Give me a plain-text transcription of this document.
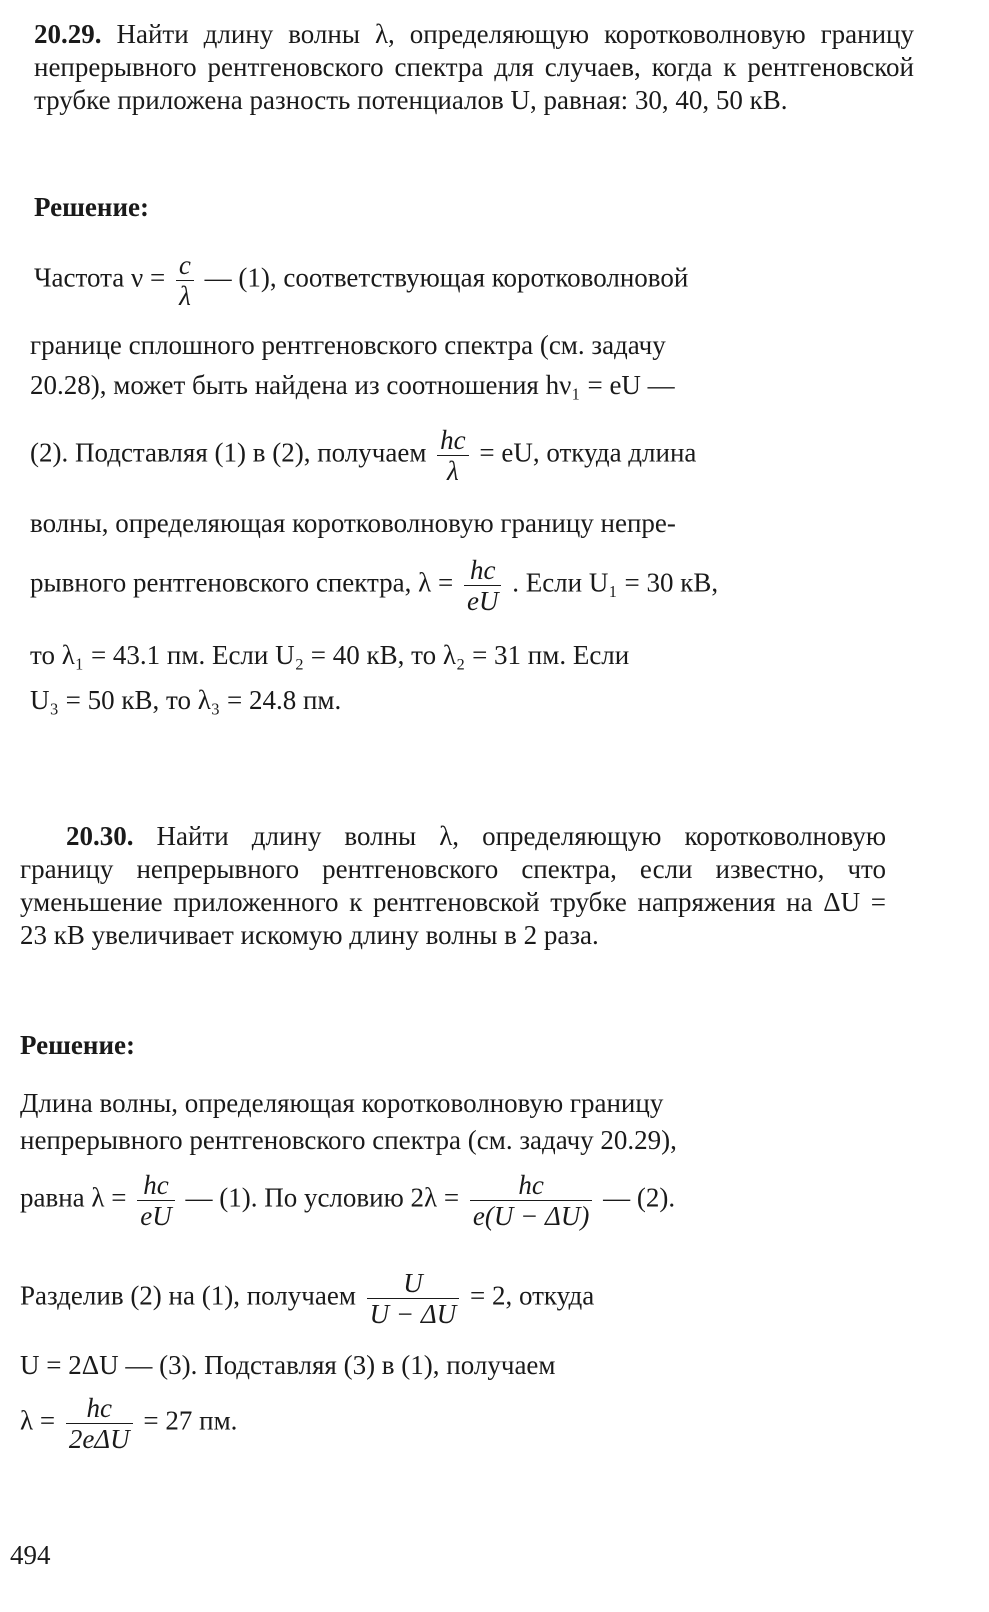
20.29. Найти длину волны λ, определяющую коротковолновую границу непрерывного рентгеновского спектра для случаев, когда к рентгеновской трубке приложена разность потенциалов U, равная: 30, 40, 50 кВ.
Решение:
Частота $\nu = \frac{c}{\lambda}$ — (1), соответствующая коротковолновой
границе сплошного рентгеновского спектра (см. задачу
20.28), может быть найдена из соотношения hν₁ = eU —
(2). Подставляя (1) в (2), получаем $\frac{hc}{\lambda}$ = eU, откуда длина
волны, определяющая коротковолновую границу непре-
рывного рентгеновского спектра, $\lambda = \frac{hc}{eU}$ . Если U₁ = 30 кВ,
то λ₁ = 43.1 пм. Если U₂ = 40 кВ, то λ₂ = 31 пм. Если
U₃ = 50 кВ, то λ₃ = 24.8 пм.
20.30. Найти длину волны λ, определяющую коротковолновую границу непрерывного рентгеновского спектра, если известно, что уменьшение приложенного к рентгеновской трубке напряжения на ΔU = 23 кВ увеличивает искомую длину волны в 2 раза.
Решение:
Длина волны, определяющая коротковолновую границу
непрерывного рентгеновского спектра (см. задачу 20.29),
равна $\lambda = \frac{hc}{eU}$ — (1). По условию $2\lambda = \frac{hc}{e(U - \Delta U)}$ — (2).
Разделив (2) на (1), получаем $\frac{U}{U - \Delta U} = 2$, откуда
U = 2ΔU — (3). Подставляя (3) в (1), получаем
$\lambda = \frac{hc}{\text{2eΔU}} = 27$ пм.
494
